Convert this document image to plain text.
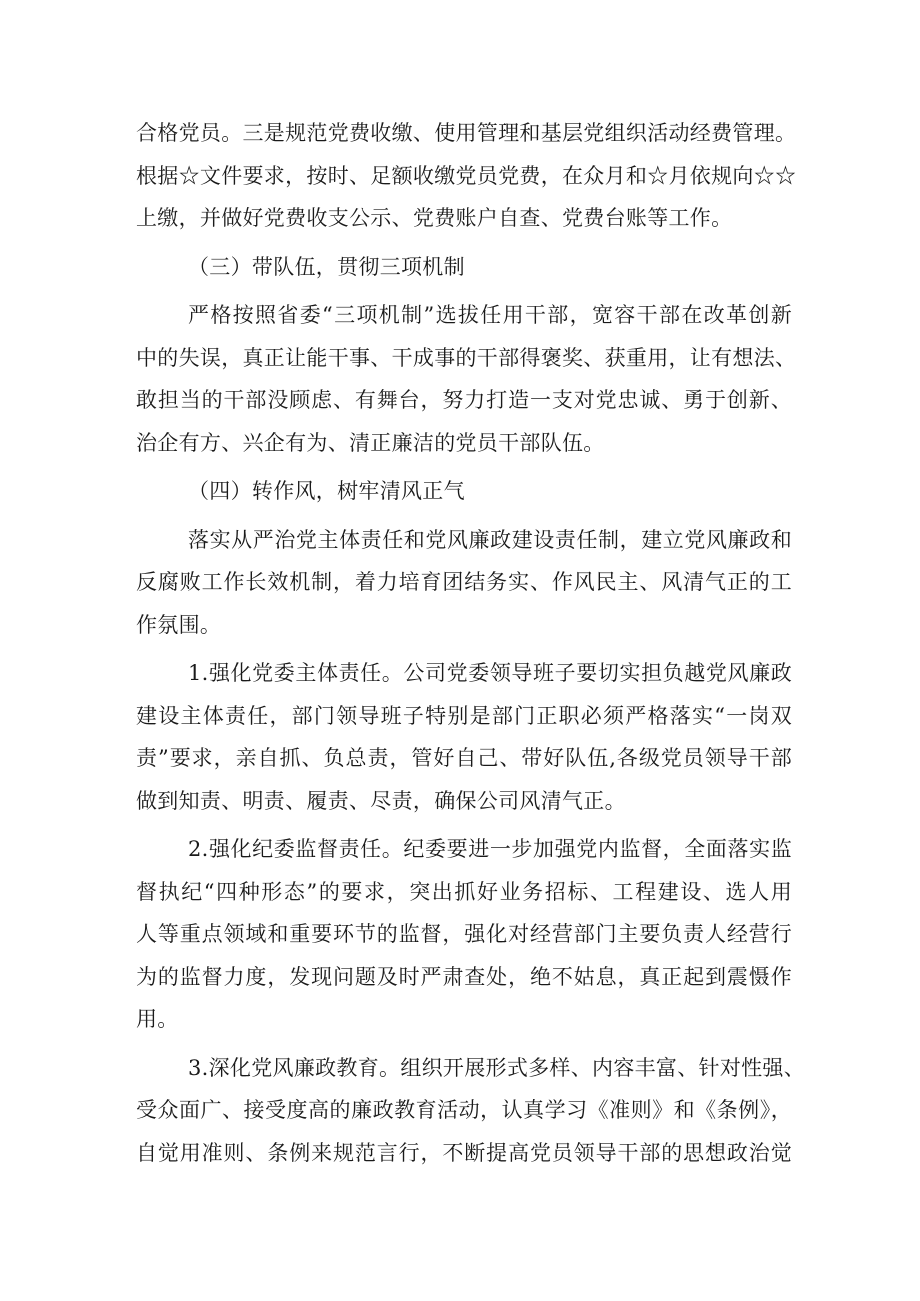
合格党员。三是规范党费收缴、使用管理和基层党组织活动经费管理。
根据☆文件要求，按时、足额收缴党员党费，在众月和☆月依规向☆☆
上缴，并做好党费收支公示、党费账户自查、党费台账等工作。
（三）带队伍，贯彻三项机制
严格按照省委“三项机制”选拔任用干部，宽容干部在改革创新
中的失误，真正让能干事、干成事的干部得褒奖、获重用，让有想法、
敢担当的干部没顾虑、有舞台，努力打造一支对党忠诚、勇于创新、
治企有方、兴企有为、清正廉洁的党员干部队伍。
（四）转作风，树牢清风正气
落实从严治党主体责任和党风廉政建设责任制，建立党风廉政和
反腐败工作长效机制，着力培育团结务实、作风民主、风清气正的工
作氛围。
1.强化党委主体责任。公司党委领导班子要切实担负越党风廉政
建设主体责任，部门领导班子特别是部门正职必须严格落实“一岗双
责”要求，亲自抓、负总责，管好自己、带好队伍,各级党员领导干部
做到知责、明责、履责、尽责，确保公司风清气正。
2.强化纪委监督责任。纪委要进一步加强党内监督，全面落实监
督执纪“四种形态”的要求，突出抓好业务招标、工程建设、选人用
人等重点领域和重要环节的监督，强化对经营部门主要负责人经营行
为的监督力度，发现问题及时严肃查处，绝不姑息，真正起到震慑作
用。
3.深化党风廉政教育。组织开展形式多样、内容丰富、针对性强、
受众面广、接受度高的廉政教育活动，认真学习《准则》和《条例》，
自觉用准则、条例来规范言行，不断提高党员领导干部的思想政治觉
